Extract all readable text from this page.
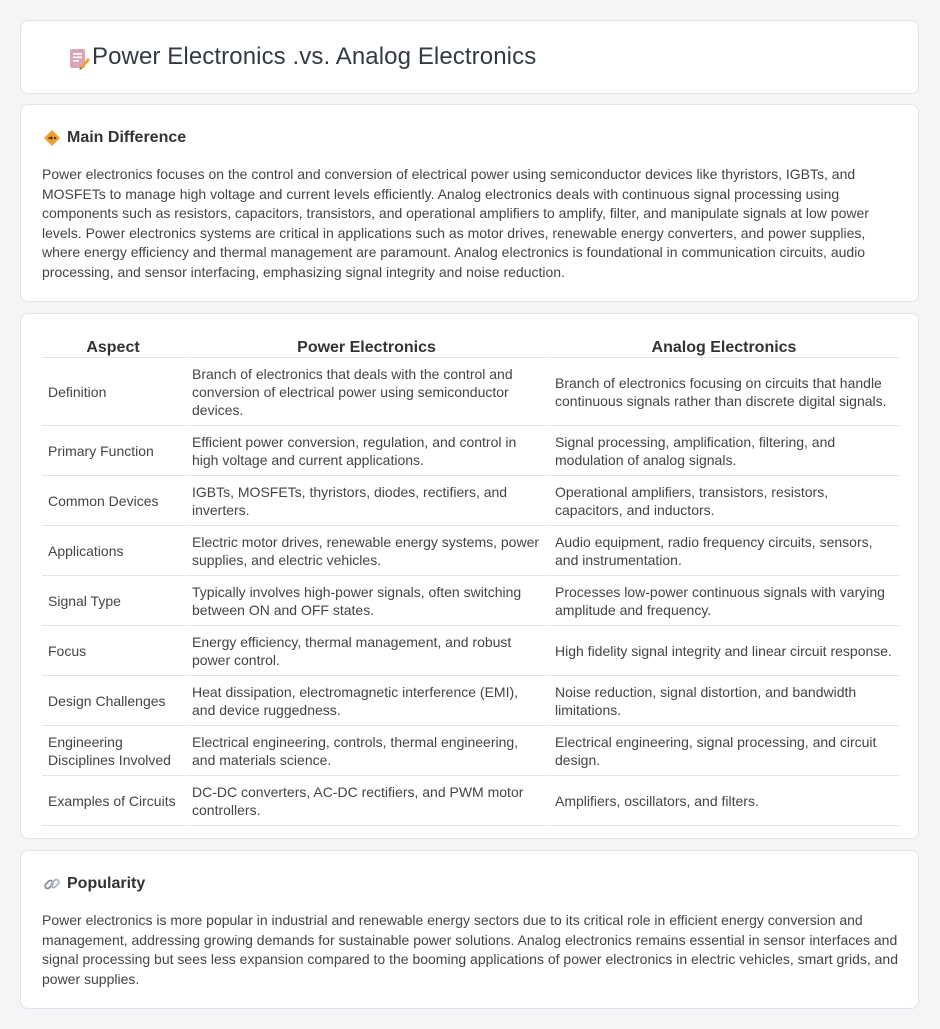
Power Electronics .vs. Analog Electronics
Main Difference

Power electronics focuses on the control and conversion of electrical power using semiconductor devices like thyristors, IGBTs, and MOSFETs to manage high voltage and current levels efficiently. Analog electronics deals with continuous signal processing using components such as resistors, capacitors, transistors, and operational amplifiers to amplify, filter, and manipulate signals at low power levels. Power electronics systems are critical in applications such as motor drives, renewable energy converters, and power supplies, where energy efficiency and thermal management are paramount. Analog electronics is foundational in communication circuits, audio processing, and sensor interfacing, emphasizing signal integrity and noise reduction.

Aspect	Power Electronics	Analog Electronics
Definition	Branch of electronics that deals with the control and conversion of electrical power using semiconductor devices.	Branch of electronics focusing on circuits that handle continuous signals rather than discrete digital signals.
Primary Function	Efficient power conversion, regulation, and control in high voltage and current applications.	Signal processing, amplification, filtering, and modulation of analog signals.
Common Devices	IGBTs, MOSFETs, thyristors, diodes, rectifiers, and inverters.	Operational amplifiers, transistors, resistors, capacitors, and inductors.
Applications	Electric motor drives, renewable energy systems, power supplies, and electric vehicles.	Audio equipment, radio frequency circuits, sensors, and instrumentation.
Signal Type	Typically involves high-power signals, often switching between ON and OFF states.	Processes low-power continuous signals with varying amplitude and frequency.
Focus	Energy efficiency, thermal management, and robust power control.	High fidelity signal integrity and linear circuit response.
Design Challenges	Heat dissipation, electromagnetic interference (EMI), and device ruggedness.	Noise reduction, signal distortion, and bandwidth limitations.
Engineering Disciplines Involved	Electrical engineering, controls, thermal engineering, and materials science.	Electrical engineering, signal processing, and circuit design.
Examples of Circuits	DC-DC converters, AC-DC rectifiers, and PWM motor controllers.	Amplifiers, oscillators, and filters.
Popularity

Power electronics is more popular in industrial and renewable energy sectors due to its critical role in efficient energy conversion and management, addressing growing demands for sustainable power solutions. Analog electronics remains essential in sensor interfaces and signal processing but sees less expansion compared to the booming applications of power electronics in electric vehicles, smart grids, and power supplies.
